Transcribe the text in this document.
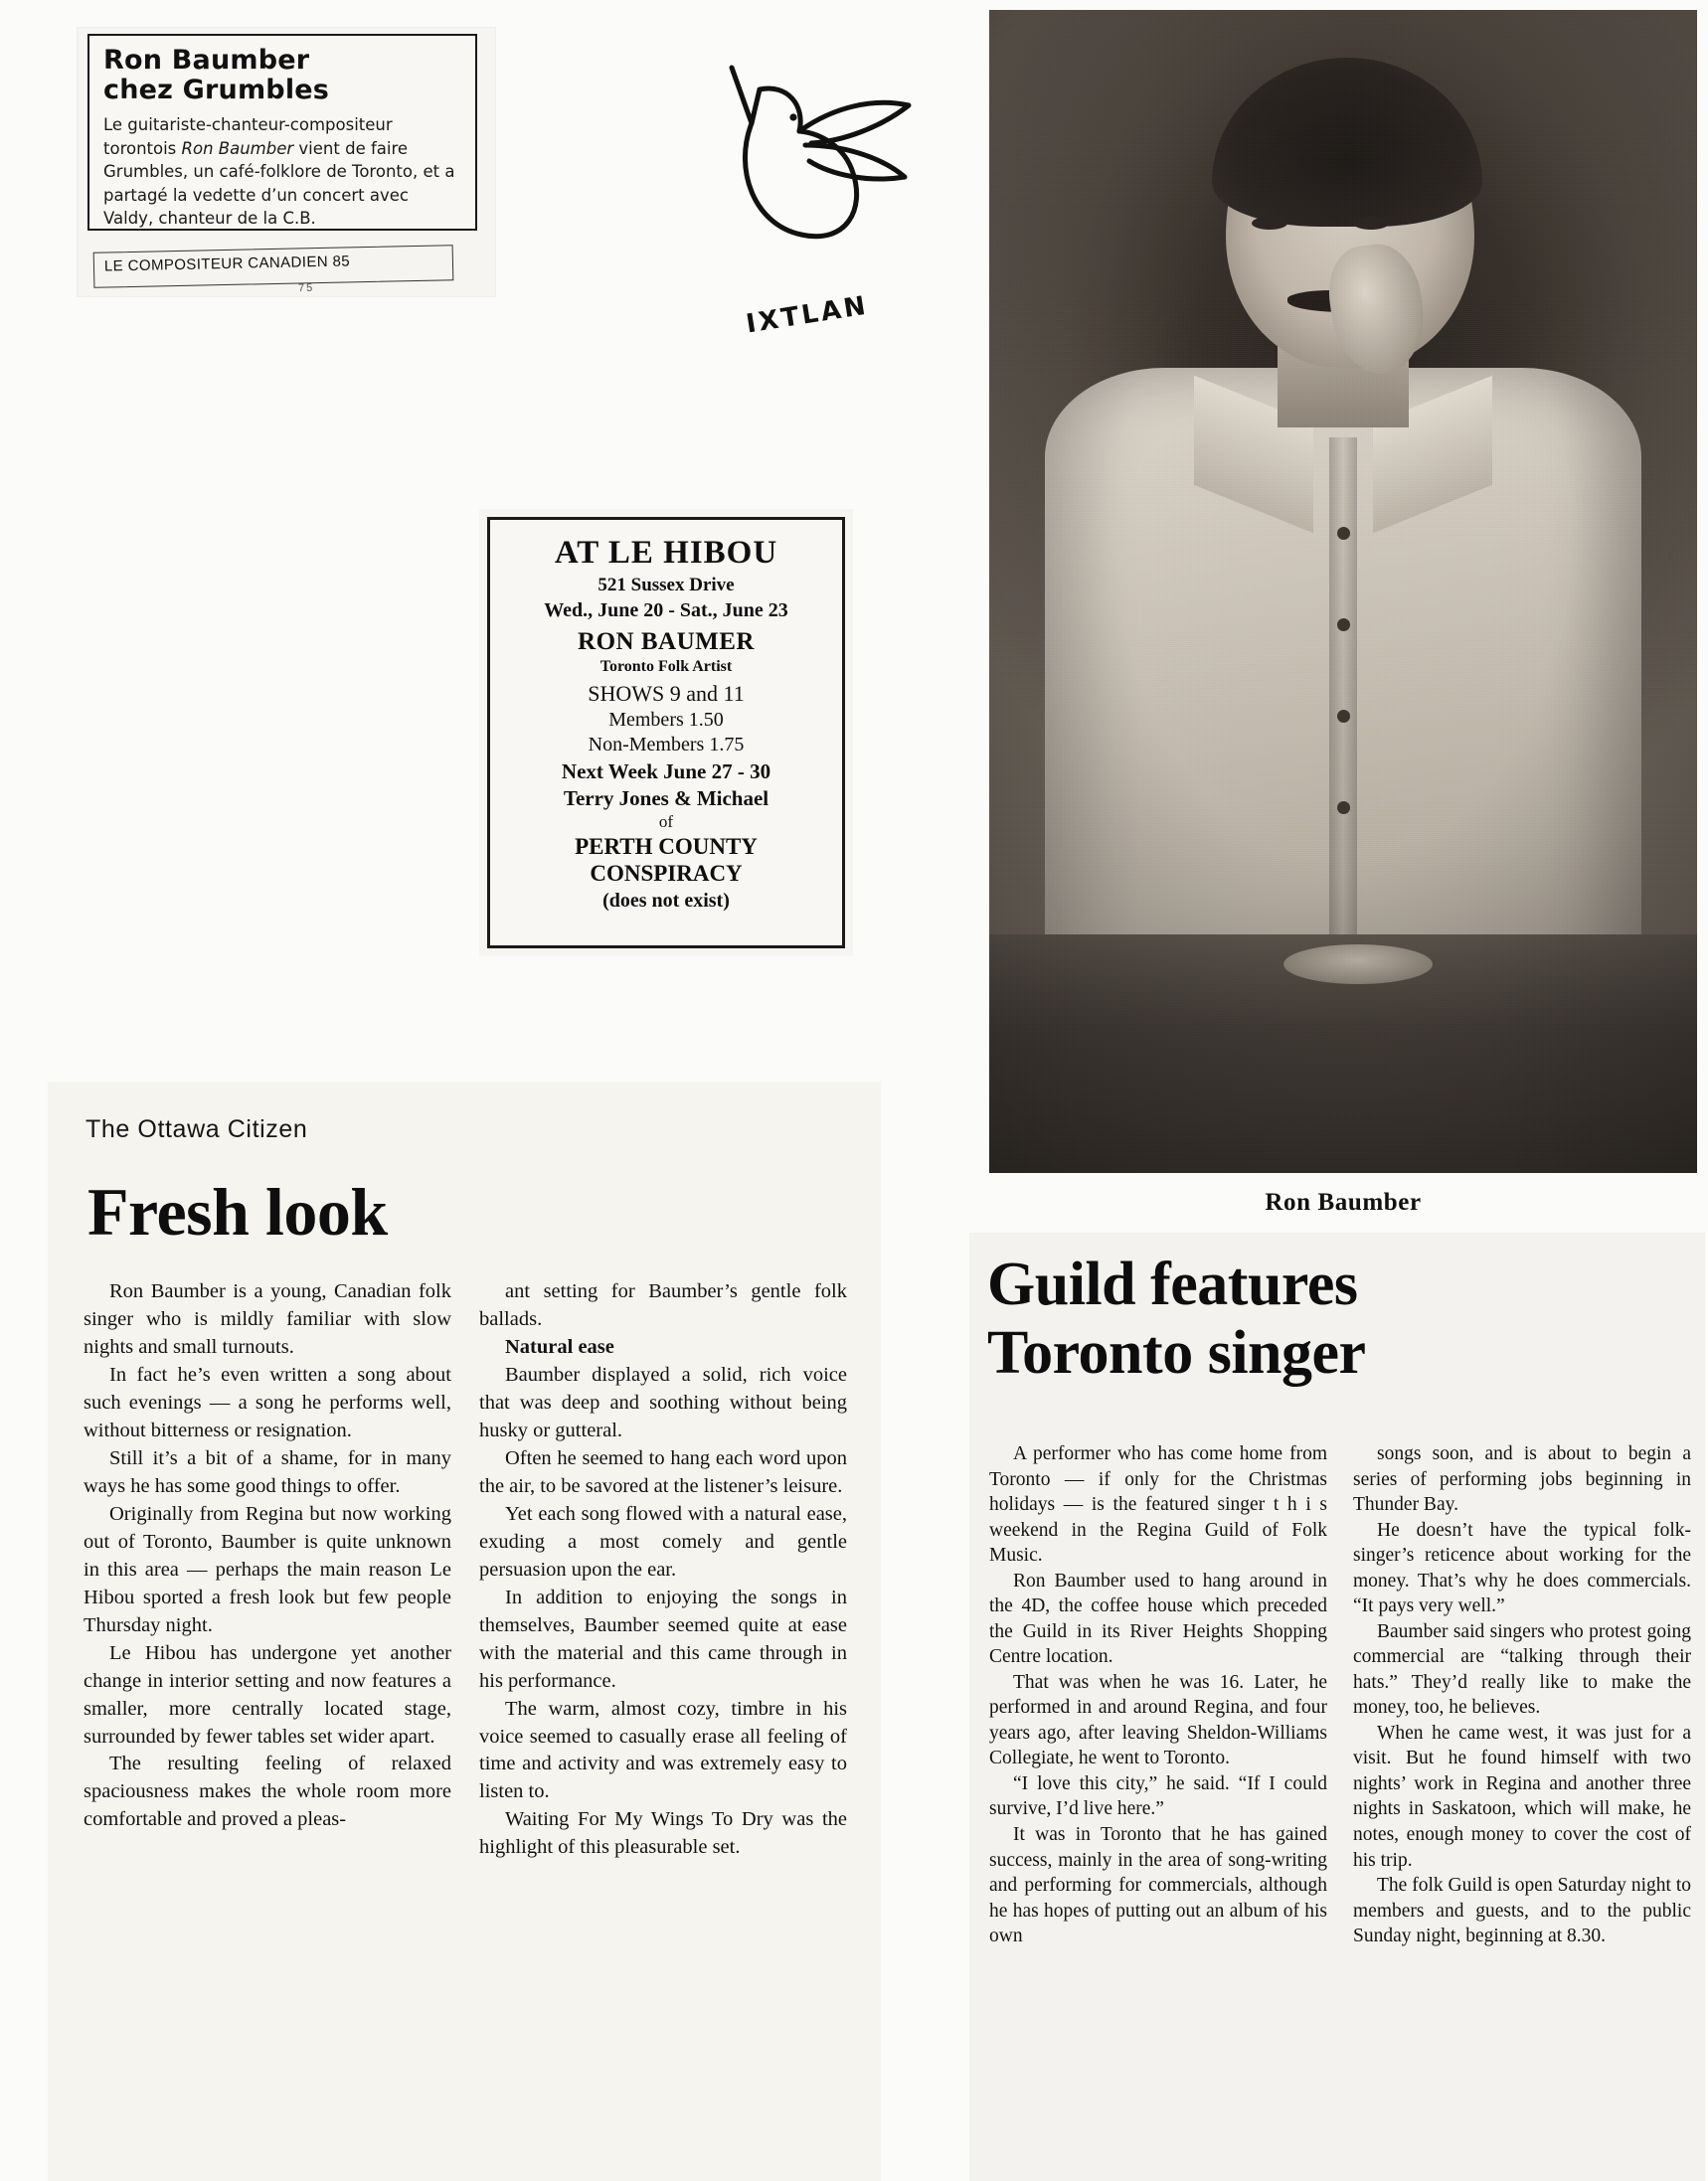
Ron Baumber
chez Grumbles
Le guitariste-chanteur-compositeur torontois Ron Baumber vient de faire Grumbles, un café-folklore de Toronto, et a partagé la vedette d’un concert avec Valdy, chanteur de la C.B.
LE COMPOSITEUR CANADIEN 85
75
IXTLAN
AT LE HIBOU
521 Sussex Drive
Wed., June 20 - Sat., June 23
RON BAUMER
Toronto Folk Artist
SHOWS 9 and 11
Members 1.50
Non-Members 1.75
Next Week June 27 - 30
Terry Jones & Michael
of
PERTH COUNTY
CONSPIRACY
(does not exist)
Ron Baumber
The Ottawa Citizen
Fresh look

Ron Baumber is a young, Canadian folk singer who is mildly familiar with slow nights and small turnouts.

In fact he’s even written a song about such evenings — a song he performs well, without bitterness or resignation.

Still it’s a bit of a shame, for in many ways he has some good things to offer.

Originally from Regina but now working out of Toronto, Baumber is quite unknown in this area — perhaps the main reason Le Hibou sported a fresh look but few people Thursday night.

Le Hibou has undergone yet another change in interior setting and now features a smaller, more centrally located stage, surrounded by fewer tables set wider apart.

The resulting feeling of relaxed spaciousness makes the whole room more comfortable and proved a pleas-

ant setting for Baumber’s gentle folk ballads.

Natural ease

Baumber displayed a solid, rich voice that was deep and soothing without being husky or gutteral.

Often he seemed to hang each word upon the air, to be savored at the listener’s leisure.

Yet each song flowed with a natural ease, exuding a most comely and gentle persuasion upon the ear.

In addition to enjoying the songs in themselves, Baumber seemed quite at ease with the material and this came through in his performance.

The warm, almost cozy, timbre in his voice seemed to casually erase all feeling of time and activity and was extremely easy to listen to.

Waiting For My Wings To Dry was the highlight of this pleasurable set.

Guild features
Toronto singer

A performer who has come home from Toronto — if only for the Christmas holidays — is the featured singer t h i s weekend in the Regina Guild of Folk Music.

Ron Baumber used to hang around in the 4D, the coffee house which preceded the Guild in its River Heights Shopping Centre location.

That was when he was 16. Later, he performed in and around Regina, and four years ago, after leaving Sheldon-Williams Collegiate, he went to Toronto.

“I love this city,” he said. “If I could survive, I’d live here.”

It was in Toronto that he has gained success, mainly in the area of song-writing and performing for commercials, although he has hopes of putting out an album of his own

songs soon, and is about to begin a series of performing jobs beginning in Thunder Bay.

He doesn’t have the typical folk-singer’s reticence about working for the money. That’s why he does commercials. “It pays very well.”

Baumber said singers who protest going commercial are “talking through their hats.” They’d really like to make the money, too, he believes.

When he came west, it was just for a visit. But he found himself with two nights’ work in Regina and another three nights in Saskatoon, which will make, he notes, enough money to cover the cost of his trip.

The folk Guild is open Saturday night to members and guests, and to the public Sunday night, beginning at 8.30.
